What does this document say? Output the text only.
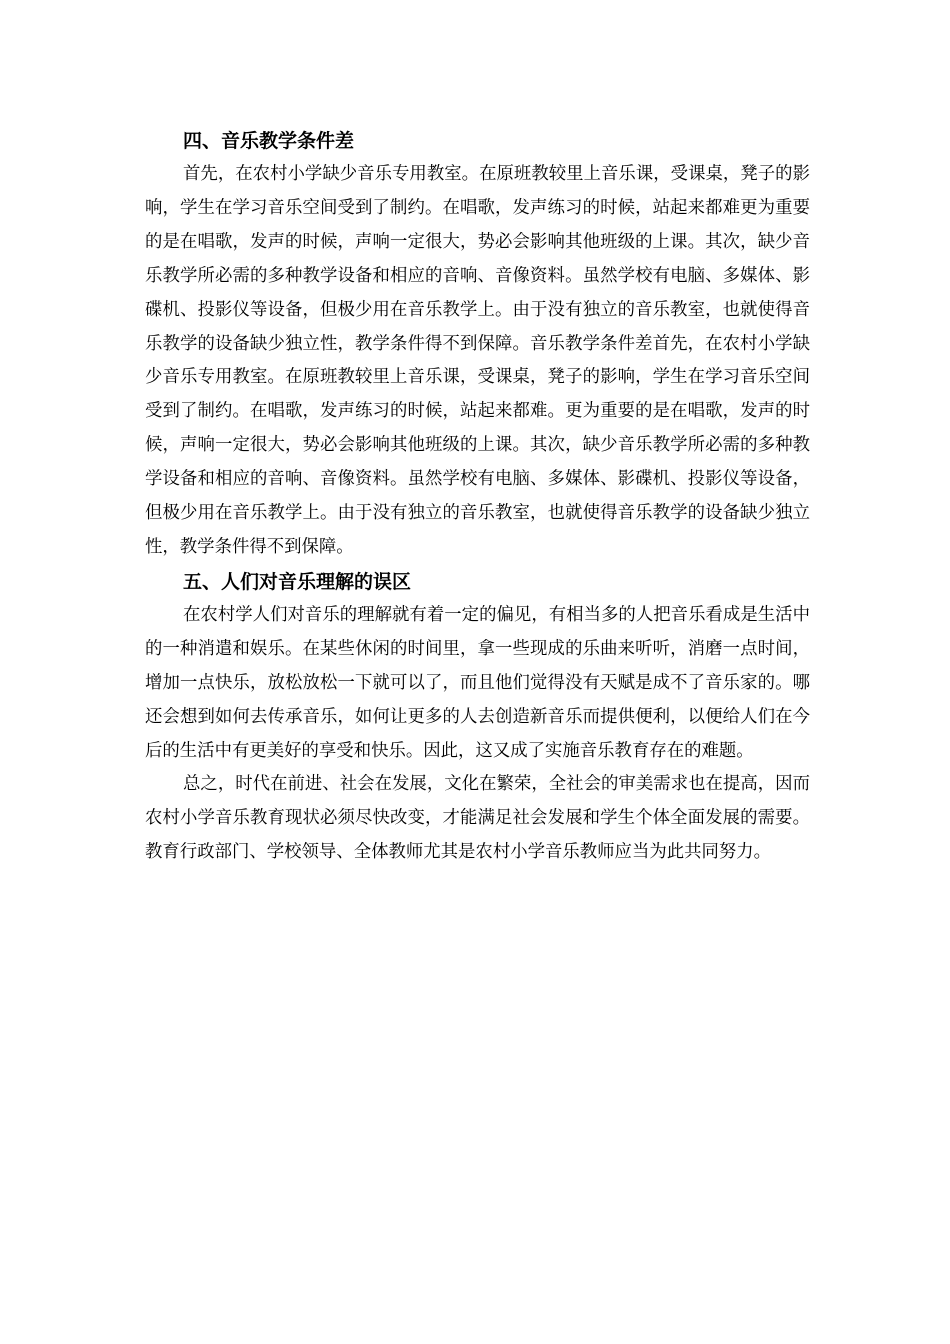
四、音乐教学条件差

首先，在农村小学缺少音乐专用教室。在原班教较里上音乐课，受课桌，凳子的影响，学生在学习音乐空间受到了制约。在唱歌，发声练习的时候，站起来都难更为重要的是在唱歌，发声的时候，声响一定很大，势必会影响其他班级的上课。其次，缺少音乐教学所必需的多种教学设备和相应的音响、音像资料。虽然学校有电脑、多媒体、影碟机、投影仪等设备，但极少用在音乐教学上。由于没有独立的音乐教室，也就使得音乐教学的设备缺少独立性，教学条件得不到保障。音乐教学条件差首先，在农村小学缺少音乐专用教室。在原班教较里上音乐课，受课桌，凳子的影响，学生在学习音乐空间受到了制约。在唱歌，发声练习的时候，站起来都难。更为重要的是在唱歌，发声的时候，声响一定很大，势必会影响其他班级的上课。其次，缺少音乐教学所必需的多种教学设备和相应的音响、音像资料。虽然学校有电脑、多媒体、影碟机、投影仪等设备，但极少用在音乐教学上。由于没有独立的音乐教室，也就使得音乐教学的设备缺少独立性，教学条件得不到保障。

五、人们对音乐理解的误区

在农村学人们对音乐的理解就有着一定的偏见，有相当多的人把音乐看成是生活中的一种消遣和娱乐。在某些休闲的时间里，拿一些现成的乐曲来听听，消磨一点时间，增加一点快乐，放松放松一下就可以了，而且他们觉得没有天赋是成不了音乐家的。哪还会想到如何去传承音乐，如何让更多的人去创造新音乐而提供便利，以便给人们在今后的生活中有更美好的享受和快乐。因此，这又成了实施音乐教育存在的难题。

总之，时代在前进、社会在发展，文化在繁荣，全社会的审美需求也在提高，因而农村小学音乐教育现状必须尽快改变，才能满足社会发展和学生个体全面发展的需要。教育行政部门、学校领导、全体教师尤其是农村小学音乐教师应当为此共同努力。
